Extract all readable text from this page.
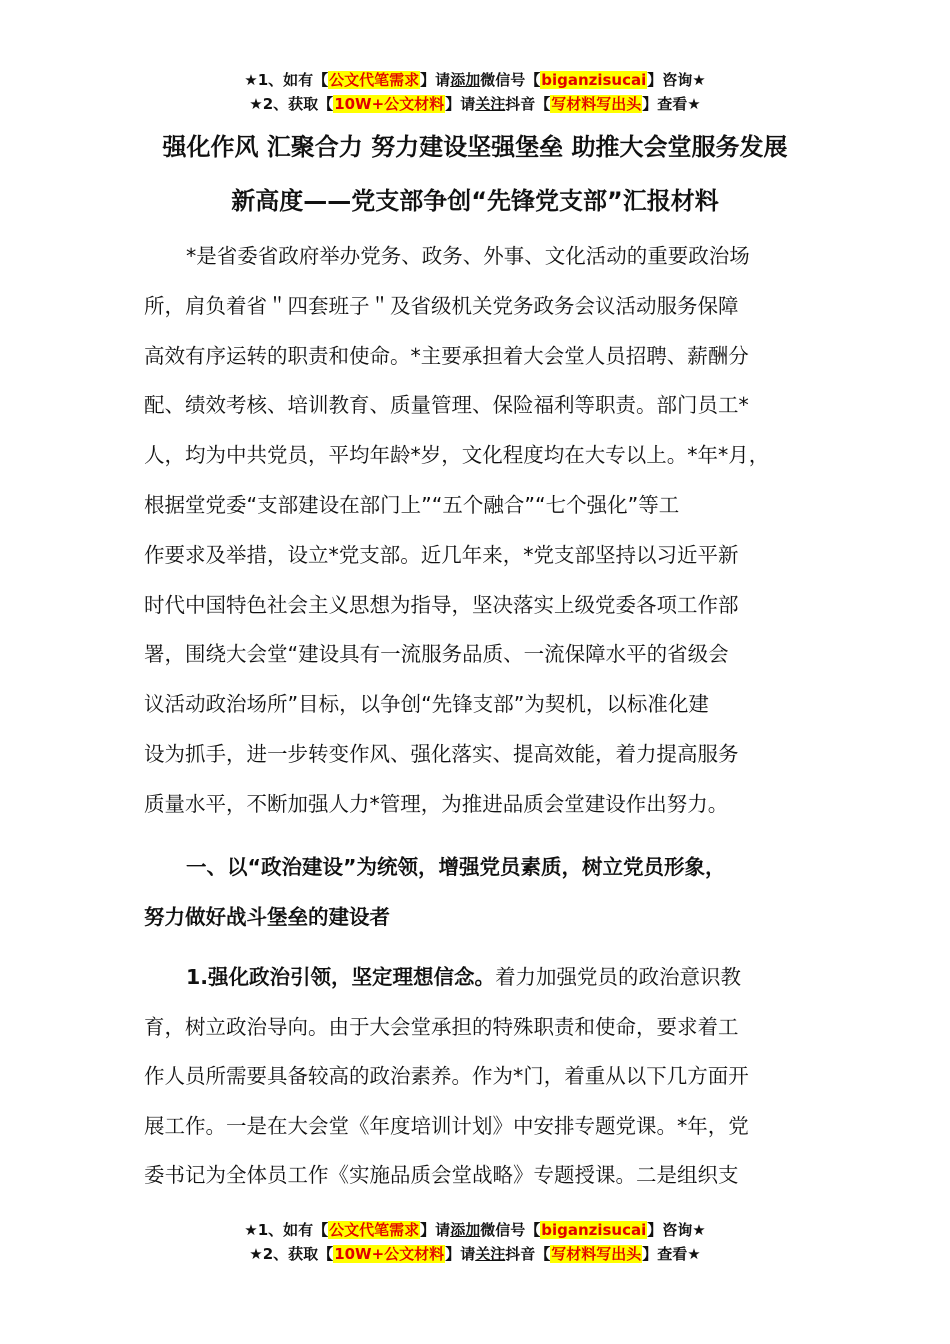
★1、如有【公文代笔需求】请添加微信号【biganzisucai】咨询★
★2、获取【10W+公文材料】请关注抖音【写材料写出头】查看★
强化作风 汇聚合力 努力建设坚强堡垒 助推大会堂服务发展
新高度——党支部争创“先锋党支部”汇报材料
*是省委省政府举办党务、政务、外事、文化活动的重要政治场
所，肩负着省＂四套班子＂及省级机关党务政务会议活动服务保障
高效有序运转的职责和使命。*主要承担着大会堂人员招聘、薪酬分
配、绩效考核、培训教育、质量管理、保险福利等职责。部门员工*
人，均为中共党员，平均年龄*岁，文化程度均在大专以上。*年*月，
根据堂党委“支部建设在部门上”“五个融合”“七个强化”等工
作要求及举措，设立*党支部。近几年来，*党支部坚持以习近平新
时代中国特色社会主义思想为指导，坚决落实上级党委各项工作部
署，围绕大会堂“建设具有一流服务品质、一流保障水平的省级会
议活动政治场所”目标，以争创“先锋支部”为契机，以标准化建
设为抓手，进一步转变作风、强化落实、提高效能，着力提高服务
质量水平，不断加强人力*管理，为推进品质会堂建设作出努力。
一、以“政治建设”为统领，增强党员素质，树立党员形象，
努力做好战斗堡垒的建设者
1.强化政治引领，坚定理想信念。着力加强党员的政治意识教
育，树立政治导向。由于大会堂承担的特殊职责和使命，要求着工
作人员所需要具备较高的政治素养。作为*门，着重从以下几方面开
展工作。一是在大会堂《年度培训计划》中安排专题党课。*年，党
委书记为全体员工作《实施品质会堂战略》专题授课。二是组织支
★1、如有【公文代笔需求】请添加微信号【biganzisucai】咨询★
★2、获取【10W+公文材料】请关注抖音【写材料写出头】查看★
